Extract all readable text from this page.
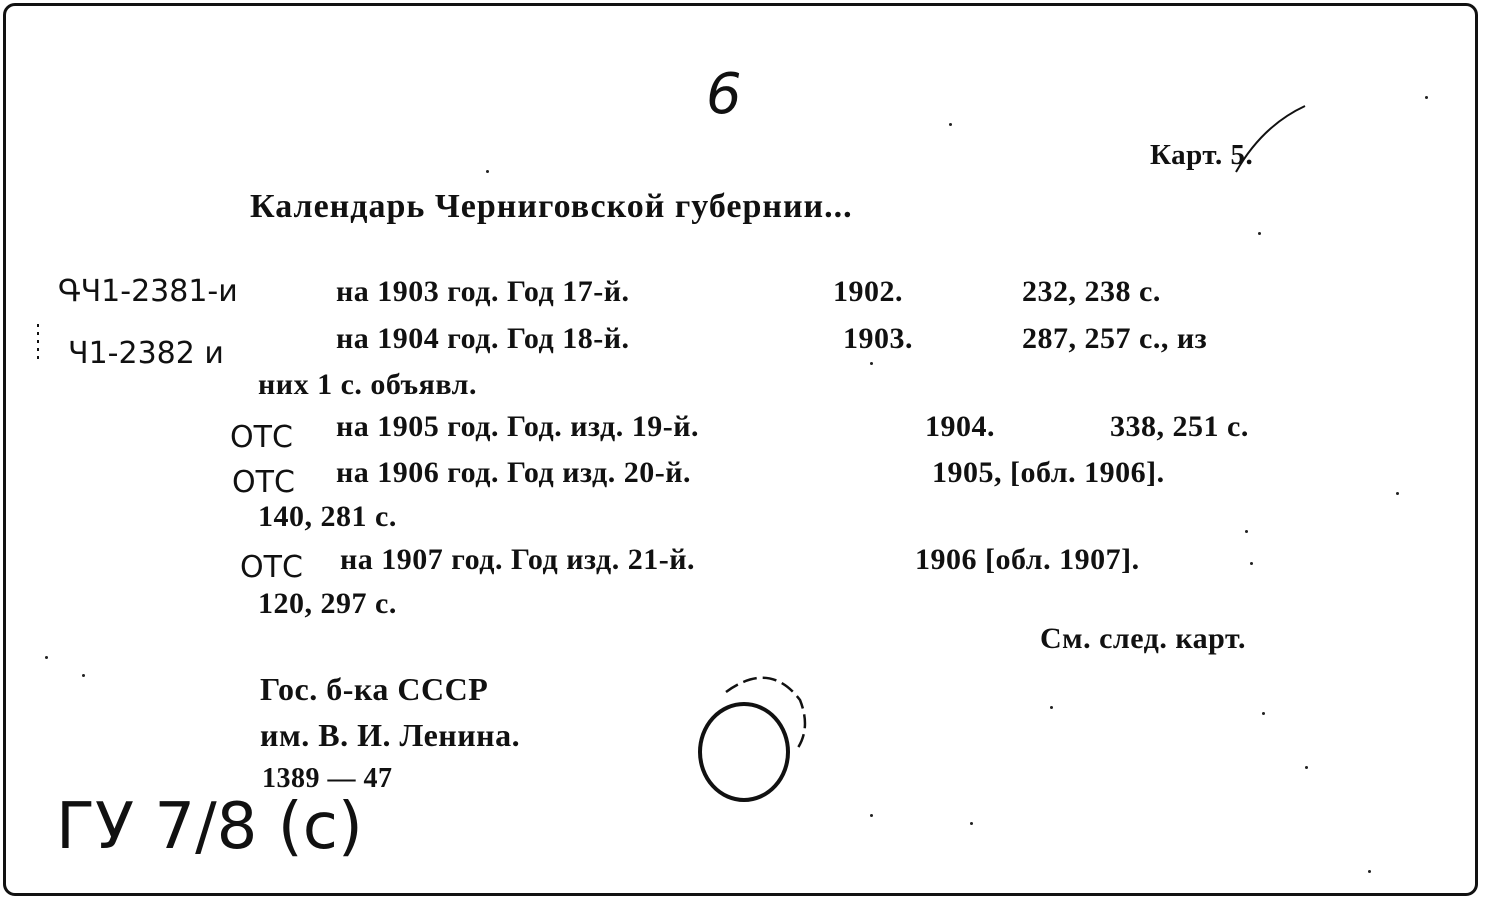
6
Карт. 5.
Календарь Черниговской губернии...
ԳЧ1-2381-и	на 1903 год. Год 17-й.	1902.	232, 238 с.
Ч1-2382 и	на 1904 год. Год 18-й.	1903.	287, 257 с., из
них 1 с. объявл.
ОТС на 1905 год. Год. изд. 19-й.	1904.	338, 251 с.
ОТС на 1906 год. Год изд. 20-й.	1905, [обл. 1906].
140, 281 с.
ОТС на 1907 год. Год изд. 21-й.	1906 [обл. 1907].
120, 297 с.
См. след. карт.
Гос. б-ка СССР
им. В. И. Ленина.
1389 — 47
ГУ 7/8 (с)
